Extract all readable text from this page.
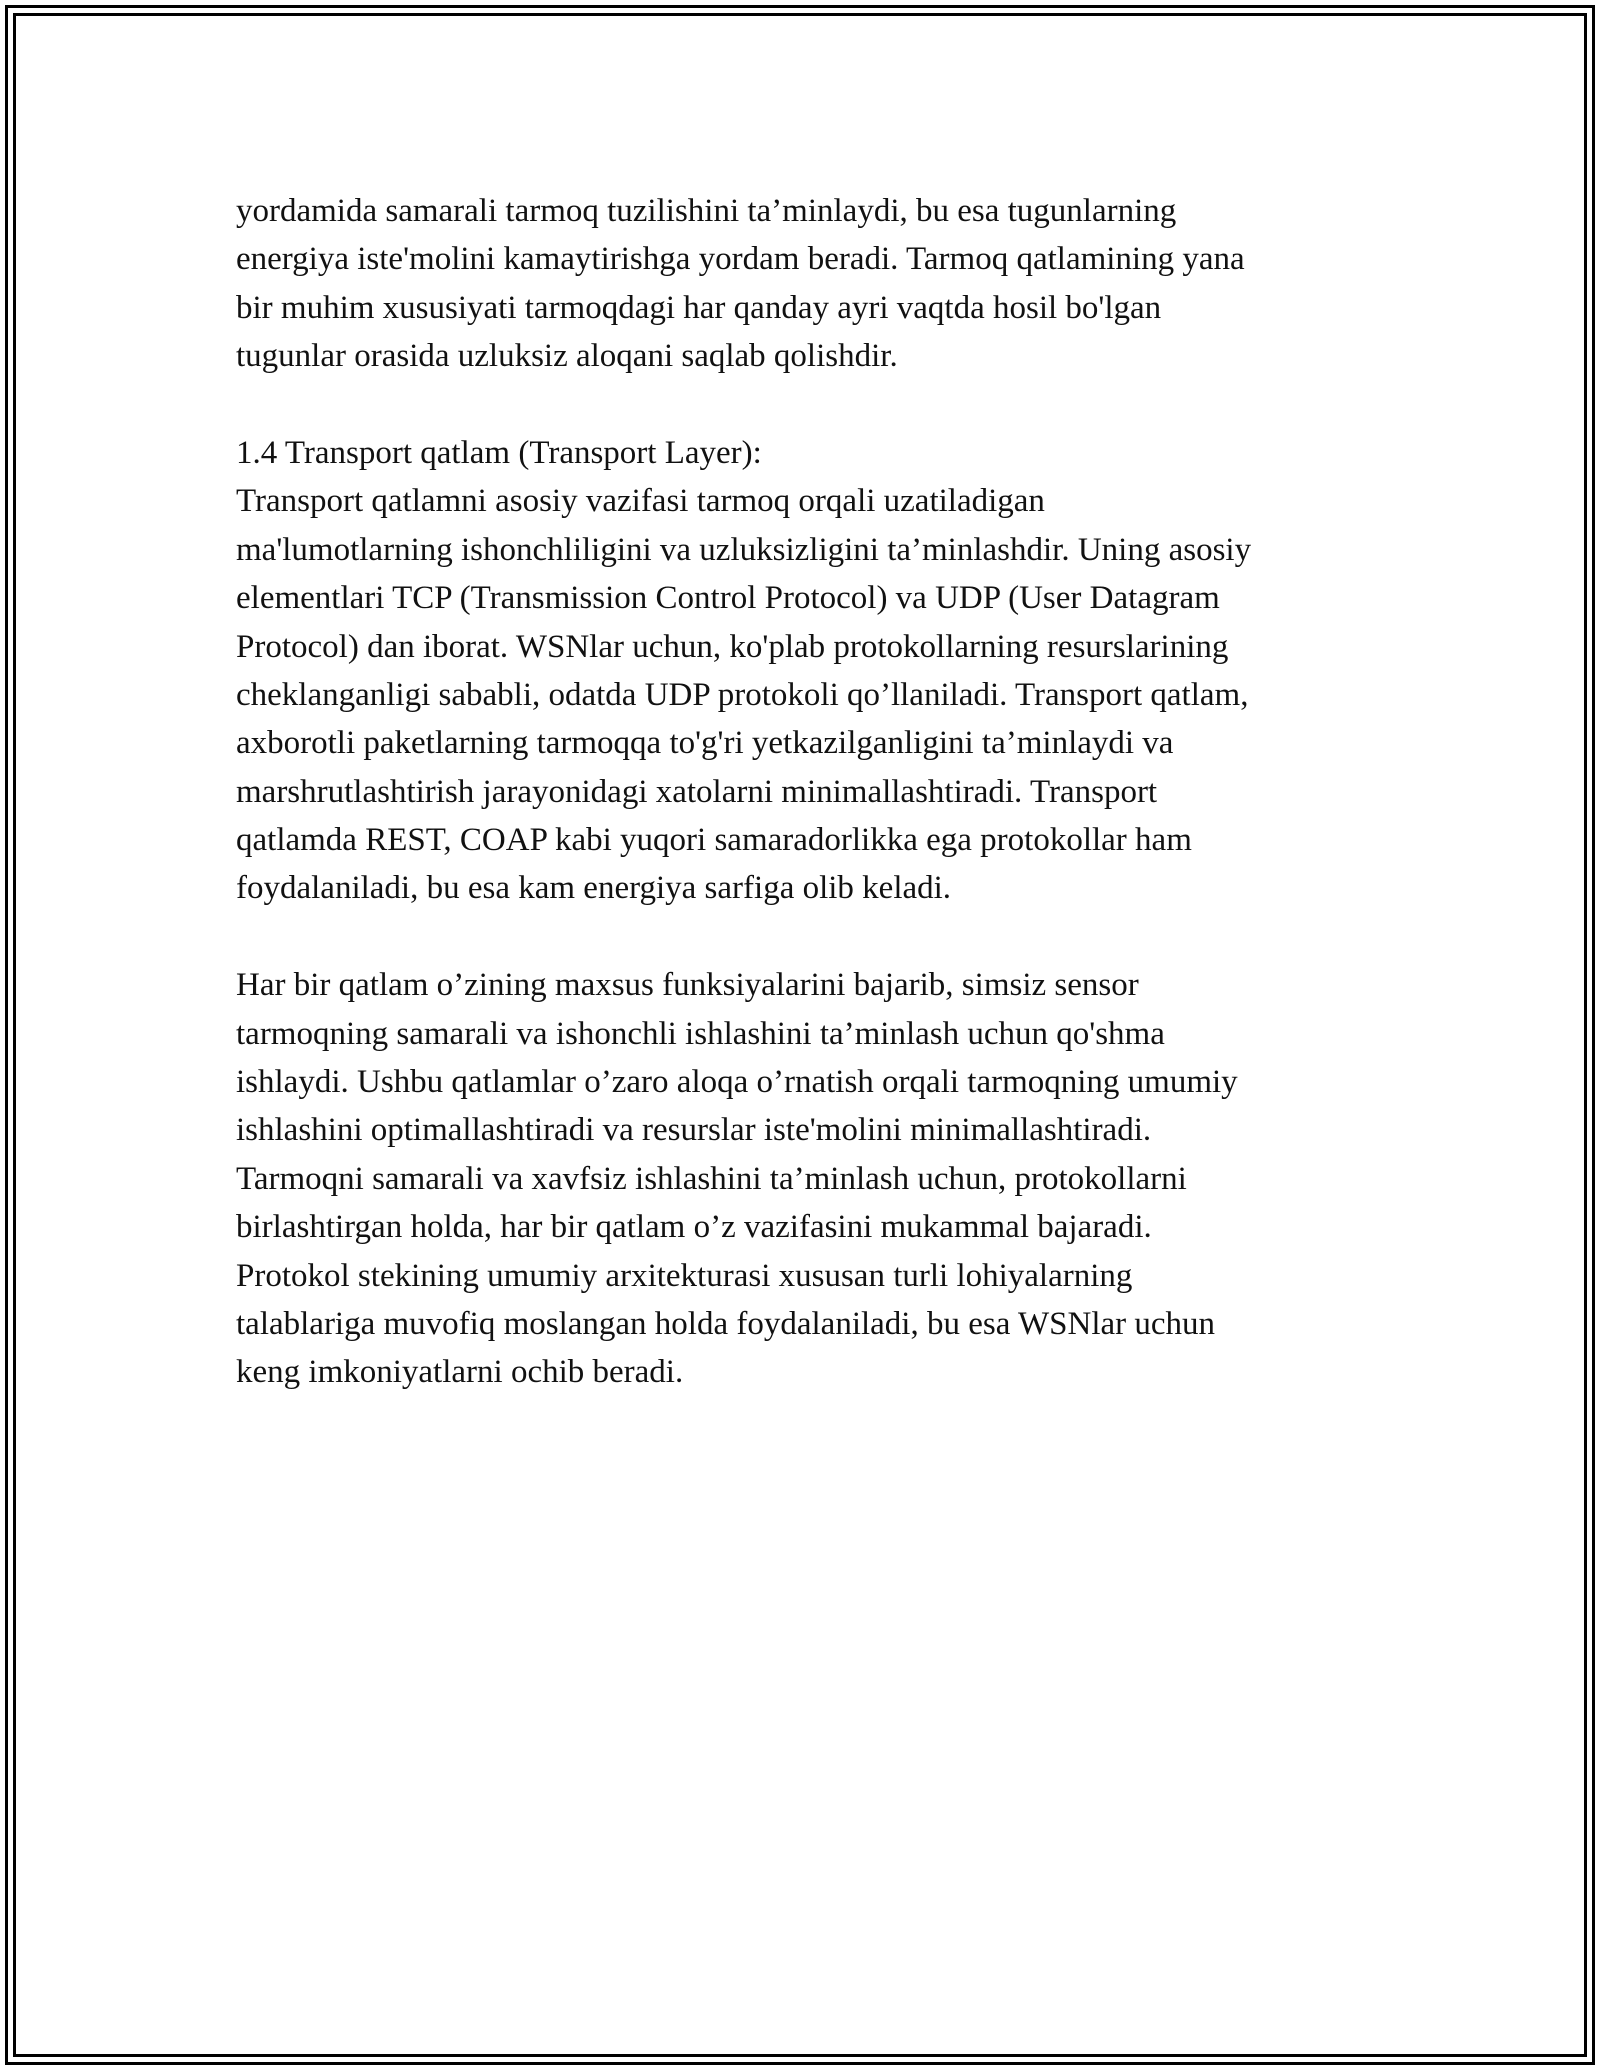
yordamida samarali tarmoq tuzilishini ta’minlaydi, bu esa tugunlarning

energiya iste'molini kamaytirishga yordam beradi. Tarmoq qatlamining yana

bir muhim xususiyati tarmoqdagi har qanday ayri vaqtda hosil bo'lgan

tugunlar orasida uzluksiz aloqani saqlab qolishdir.

1.4 Transport qatlam (Transport Layer):

Transport qatlamni asosiy vazifasi tarmoq orqali uzatiladigan

ma'lumotlarning ishonchliligini va uzluksizligini ta’minlashdir. Uning asosiy

elementlari TCP (Transmission Control Protocol) va UDP (User Datagram

Protocol) dan iborat. WSNlar uchun, ko'plab protokollarning resurslarining

cheklanganligi sababli, odatda UDP protokoli qo’llaniladi. Transport qatlam,

axborotli paketlarning tarmoqqa to'g'ri yetkazilganligini ta’minlaydi va

marshrutlashtirish jarayonidagi xatolarni minimallashtiradi. Transport

qatlamda REST, COAP kabi yuqori samaradorlikka ega protokollar ham

foydalaniladi, bu esa kam energiya sarfiga olib keladi.

Har bir qatlam o’zining maxsus funksiyalarini bajarib, simsiz sensor

tarmoqning samarali va ishonchli ishlashini ta’minlash uchun qo'shma

ishlaydi. Ushbu qatlamlar o’zaro aloqa o’rnatish orqali tarmoqning umumiy

ishlashini optimallashtiradi va resurslar iste'molini minimallashtiradi.

Tarmoqni samarali va xavfsiz ishlashini ta’minlash uchun, protokollarni

birlashtirgan holda, har bir qatlam o’z vazifasini mukammal bajaradi.

Protokol stekining umumiy arxitekturasi xususan turli lohiyalarning

talablariga muvofiq moslangan holda foydalaniladi, bu esa WSNlar uchun

keng imkoniyatlarni ochib beradi.
